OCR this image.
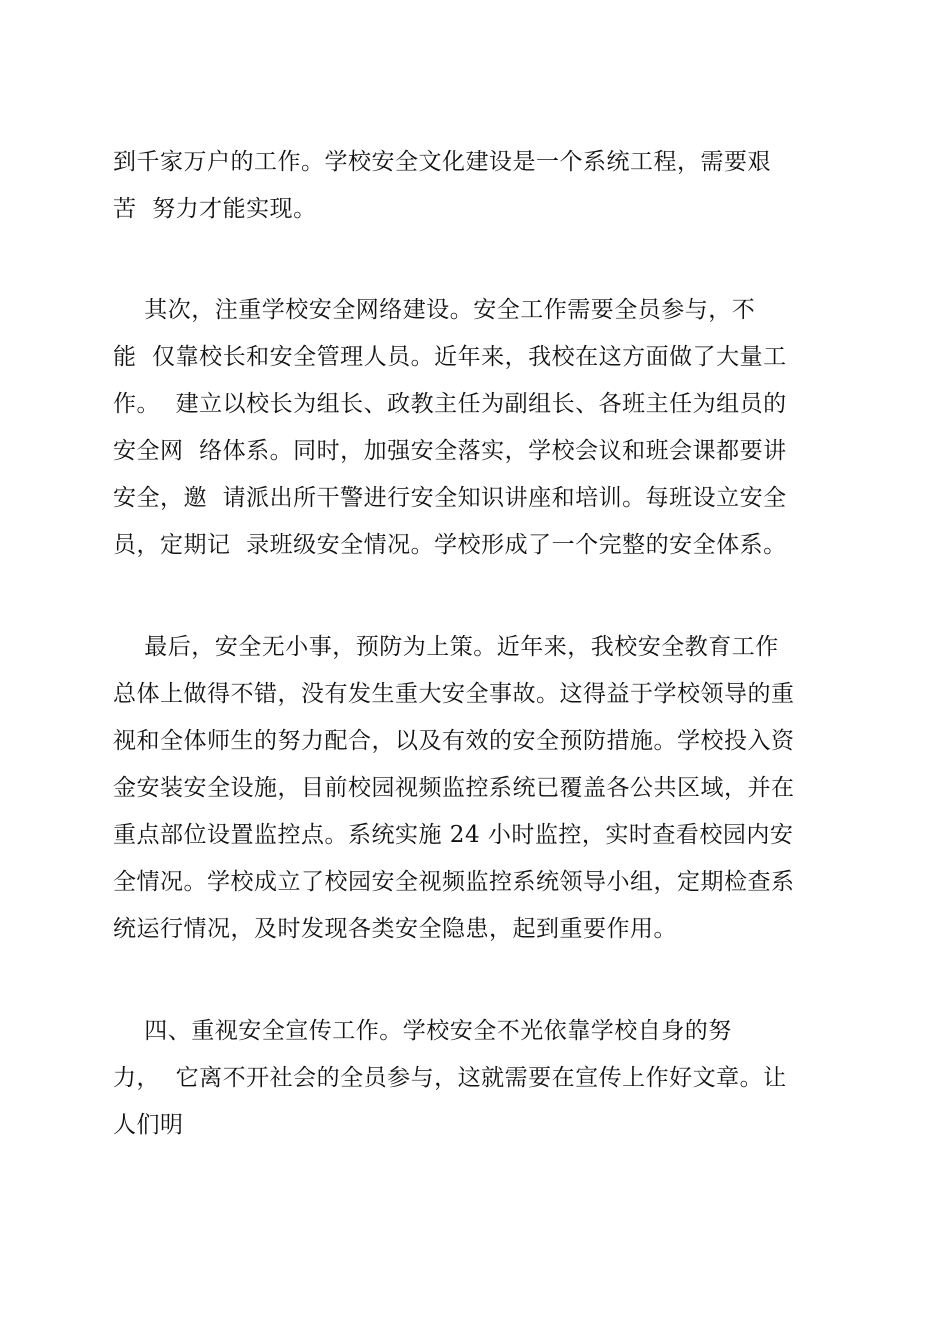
到千家万户的工作。学校安全文化建设是一个系统工程，需要艰
苦  努力才能实现。
其次，注重学校安全网络建设。安全工作需要全员参与，不
能  仅靠校长和安全管理人员。近年来，我校在这方面做了大量工
作。  建立以校长为组长、政教主任为副组长、各班主任为组员的
安全网  络体系。同时，加强安全落实，学校会议和班会课都要讲
安全，邀  请派出所干警进行安全知识讲座和培训。每班设立安全
员，定期记  录班级安全情况。学校形成了一个完整的安全体系。
最后，安全无小事，预防为上策。近年来，我校安全教育工作
总体上做得不错，没有发生重大安全事故。这得益于学校领导的重
视和全体师生的努力配合，以及有效的安全预防措施。学校投入资
金安装安全设施，目前校园视频监控系统已覆盖各公共区域，并在
重点部位设置监控点。系统实施 24 小时监控，实时查看校园内安
全情况。学校成立了校园安全视频监控系统领导小组，定期检查系
统运行情况，及时发现各类安全隐患，起到重要作用。
四、重视安全宣传工作。学校安全不光依靠学校自身的努
力，  它离不开社会的全员参与，这就需要在宣传上作好文章。让
人们明
